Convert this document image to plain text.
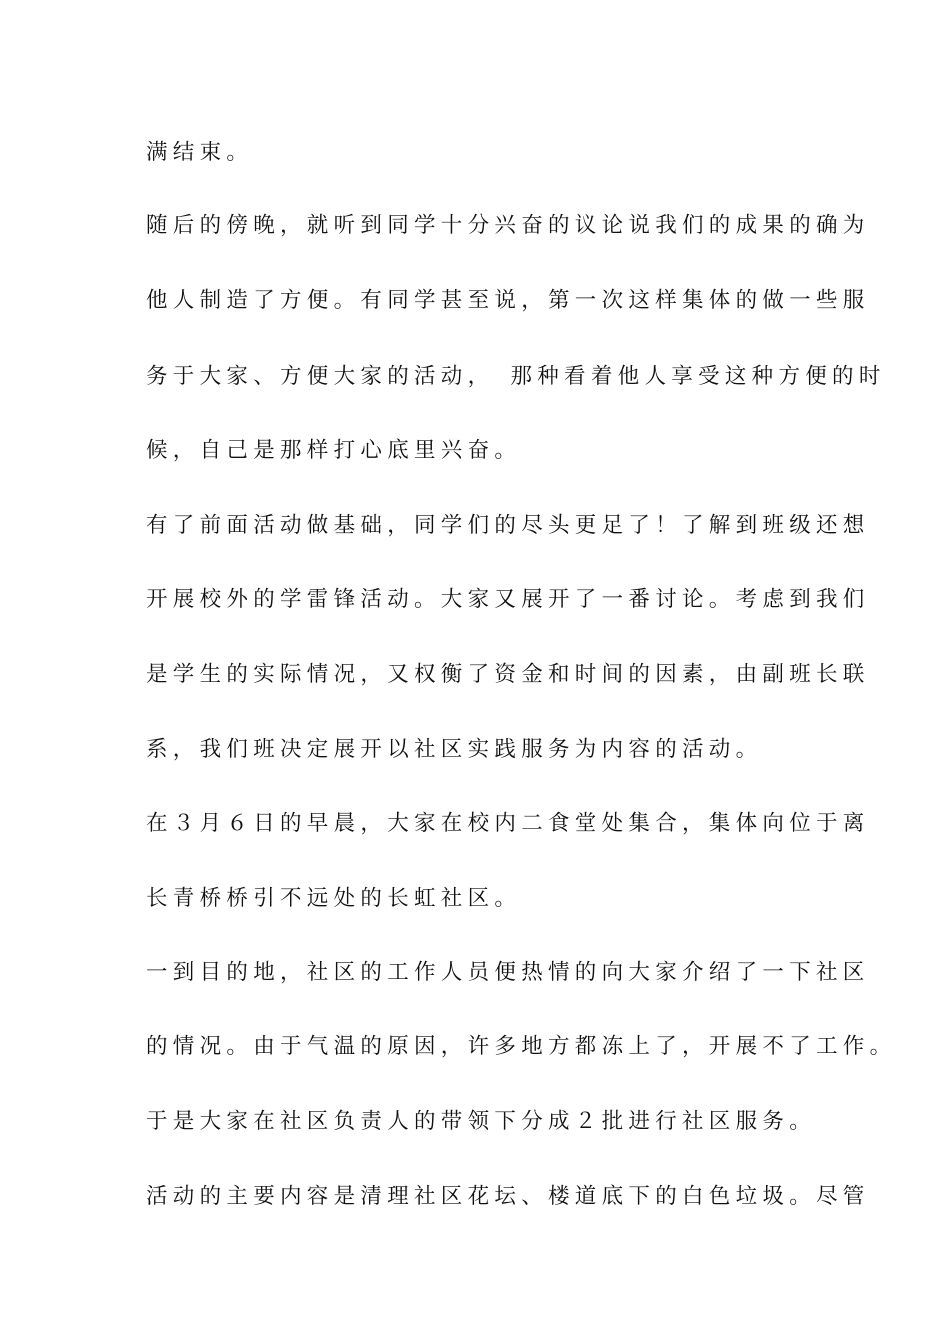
满结束。

随后的傍晚，就听到同学十分兴奋的议论说我们的成果的确为

他人制造了方便。有同学甚至说，第一次这样集体的做一些服

务于大家、方便大家的活动，　那种看着他人享受这种方便的时

候，自己是那样打心底里兴奋。

有了前面活动做基础，同学们的尽头更足了！了解到班级还想

开展校外的学雷锋活动。大家又展开了一番讨论。考虑到我们

是学生的实际情况，又权衡了资金和时间的因素，由副班长联

系，我们班决定展开以社区实践服务为内容的活动。

在３月６日的早晨，大家在校内二食堂处集合，集体向位于离

长青桥桥引不远处的长虹社区。

一到目的地，社区的工作人员便热情的向大家介绍了一下社区

的情况。由于气温的原因，许多地方都冻上了，开展不了工作。

于是大家在社区负责人的带领下分成２批进行社区服务。

活动的主要内容是清理社区花坛、楼道底下的白色垃圾。尽管
